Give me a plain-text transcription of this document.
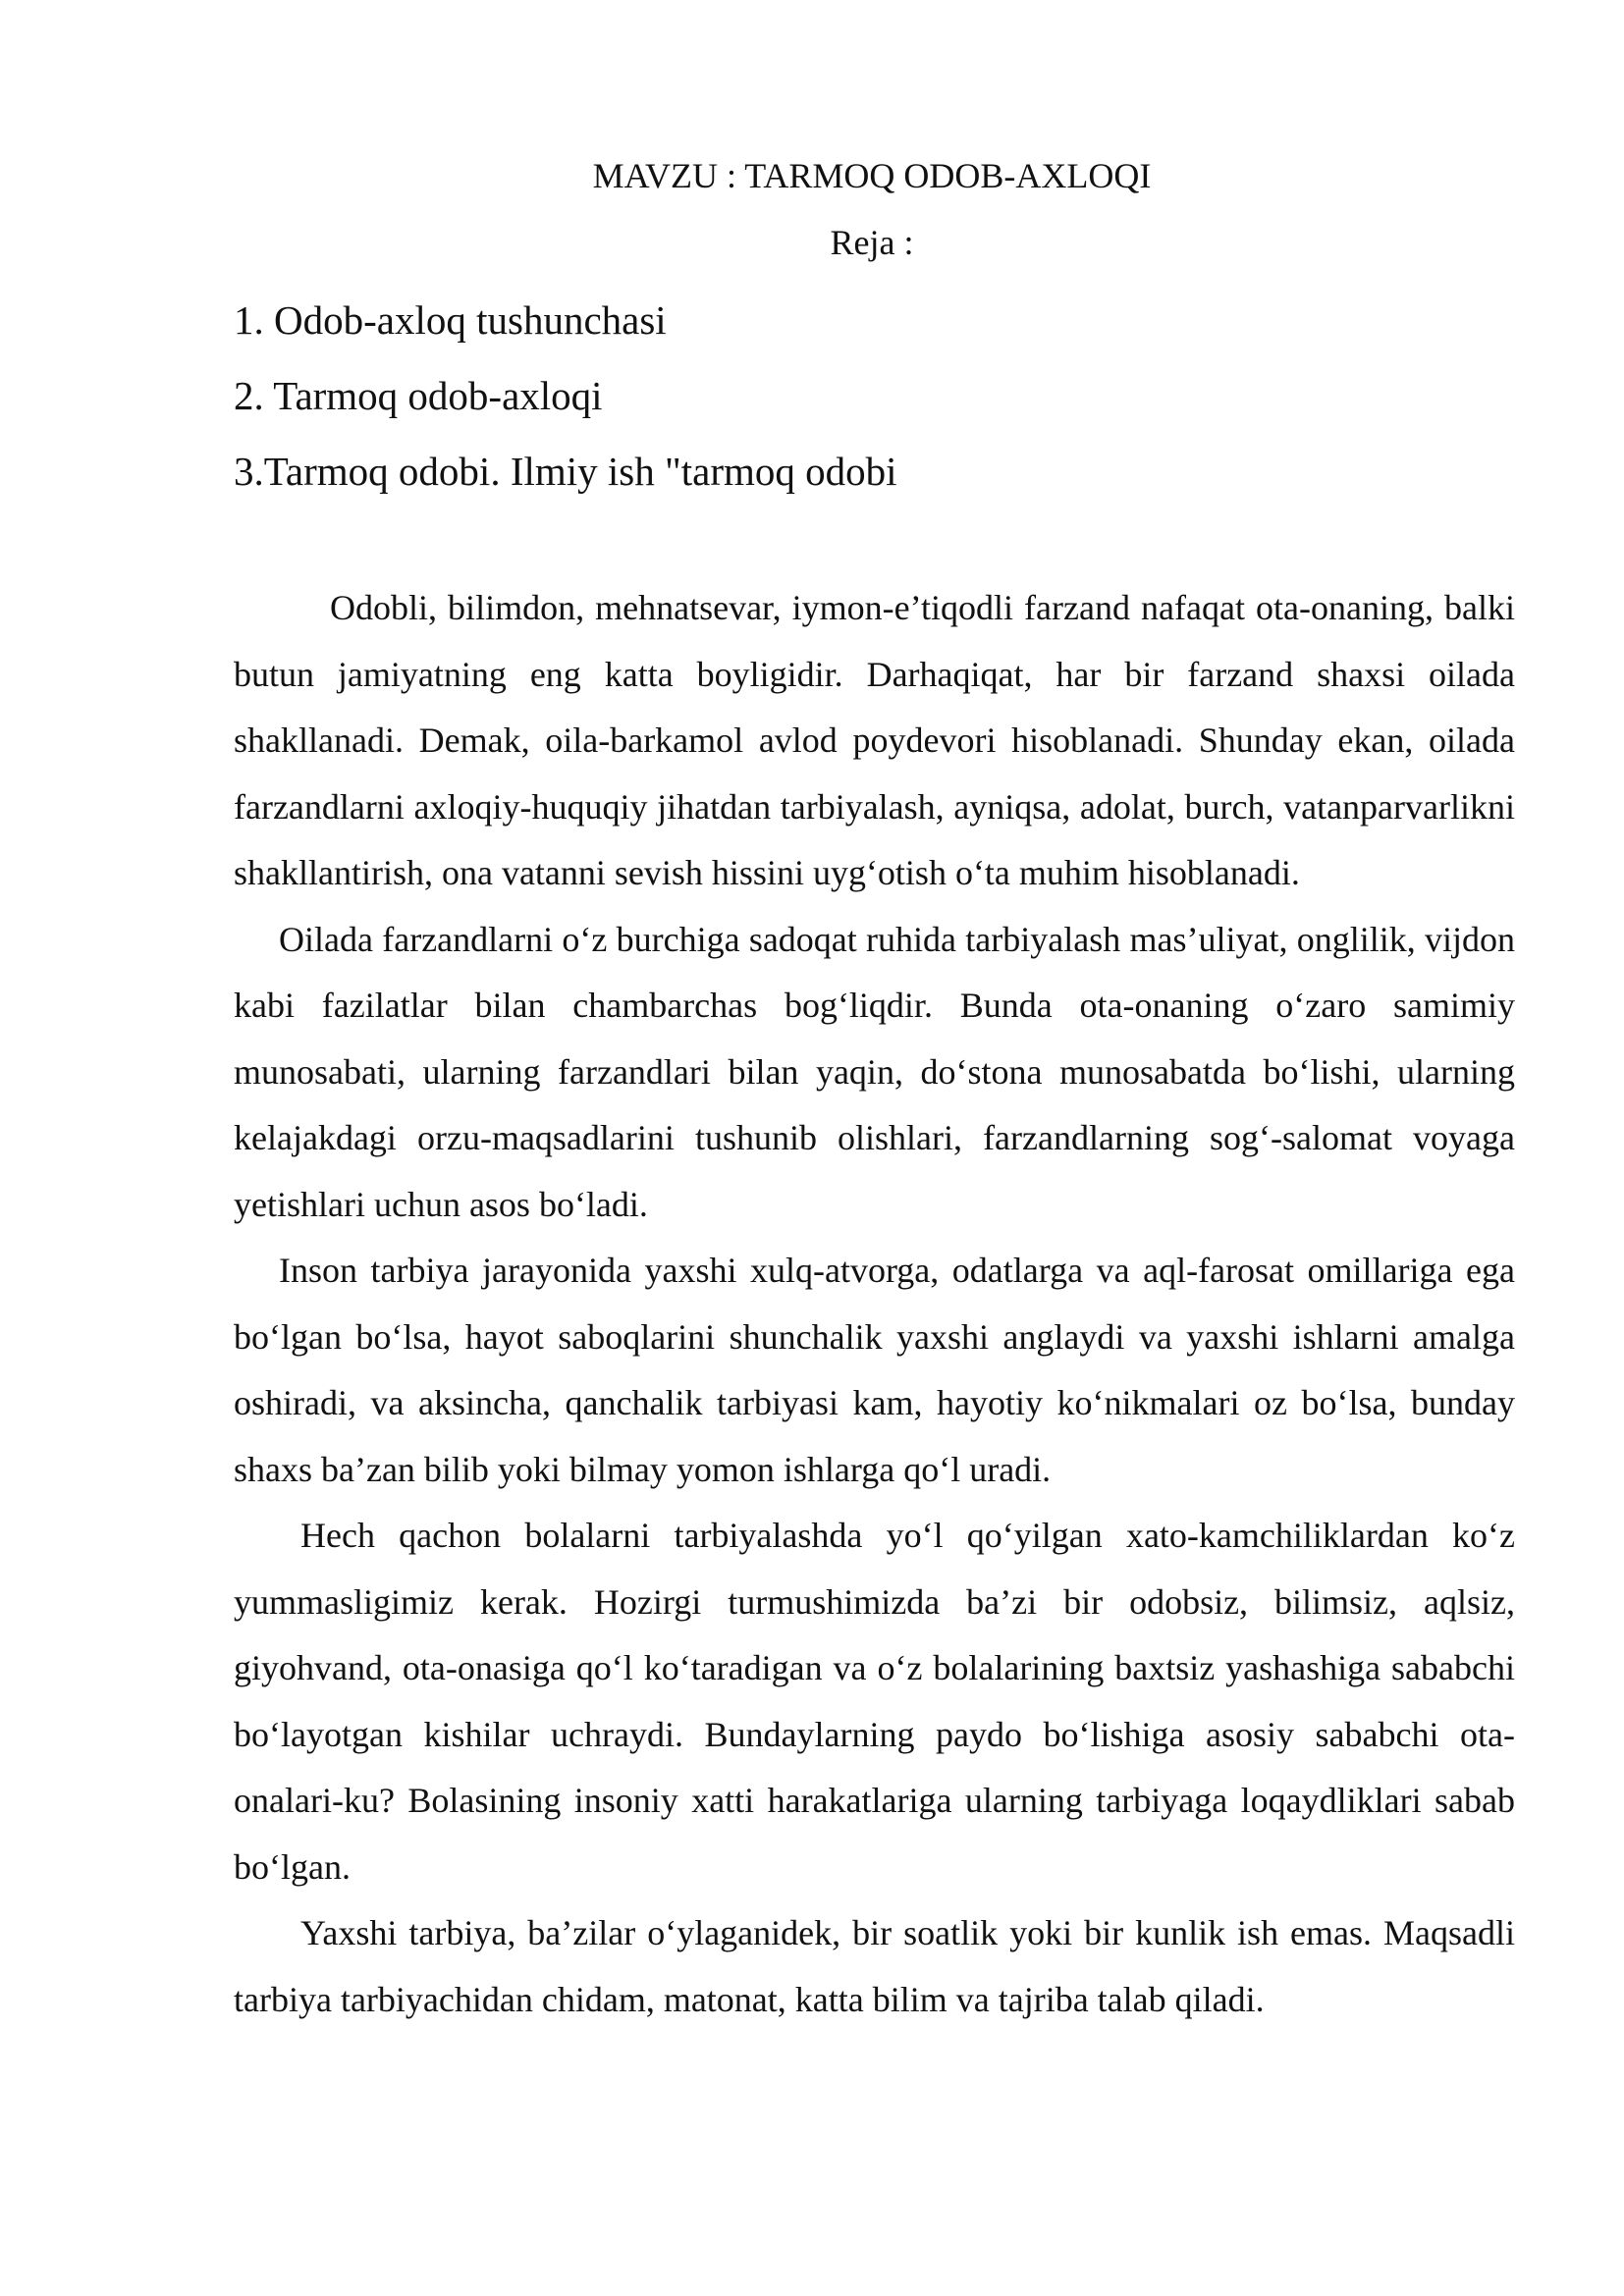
MAVZU : TARMOQ ODOB-AXLOQI
Reja :
1. Odob-axloq tushunchasi
2. Tarmoq odob-axloqi
3.Tarmoq odobi. Ilmiy ish "tarmoq odobi

Odobli, bilimdon, mehnatsevar, iymon-e’tiqodli farzand nafaqat ota-onaning, balki butun jamiyatning eng katta boyligidir. Darhaqiqat, har bir farzand shaxsi oilada shakllanadi. Demak, oila-barkamol avlod poydevori hisoblanadi. Shunday ekan, oilada farzandlarni axloqiy-huquqiy jihatdan tarbiyalash, ayniqsa, adolat, burch, vatanparvarlikni shakllantirish, ona vatanni sevish hissini uyg‘otish o‘ta muhim hisoblanadi.

Oilada farzandlarni o‘z burchiga sadoqat ruhida tarbiyalash mas’uliyat, onglilik, vijdon kabi fazilatlar bilan chambarchas bog‘liqdir. Bunda ota-onaning o‘zaro samimiy munosabati, ularning farzandlari bilan yaqin, do‘stona munosabatda bo‘lishi, ularning kelajakdagi orzu-maqsadlarini tushunib olishlari, farzandlarning sog‘-salomat voyaga yetishlari uchun asos bo‘ladi.

Inson tarbiya jarayonida yaxshi xulq-atvorga, odatlarga va aql-farosat omillariga ega bo‘lgan bo‘lsa, hayot saboqlarini shunchalik yaxshi anglaydi va yaxshi ishlarni amalga oshiradi, va aksincha, qanchalik tarbiyasi kam, hayotiy ko‘nikmalari oz bo‘lsa, bunday shaxs ba’zan bilib yoki bilmay yomon ishlarga qo‘l uradi.

Hech qachon bolalarni tarbiyalashda yo‘l qo‘yilgan xato-kamchiliklardan ko‘z yummasligimiz kerak. Hozirgi turmushimizda ba’zi bir odobsiz, bilimsiz, aqlsiz, giyohvand, ota-onasiga qo‘l ko‘taradigan va o‘z bolalarining baxtsiz yashashiga sababchi bo‘layotgan kishilar uchraydi. Bundaylarning paydo bo‘lishiga asosiy sababchi ota-onalari-ku? Bolasining insoniy xatti harakatlariga ularning tarbiyaga loqaydliklari sabab bo‘lgan.

Yaxshi tarbiya, ba’zilar o‘ylaganidek, bir soatlik yoki bir kunlik ish emas. Maqsadli tarbiya tarbiyachidan chidam, matonat, katta bilim va tajriba talab qiladi.
